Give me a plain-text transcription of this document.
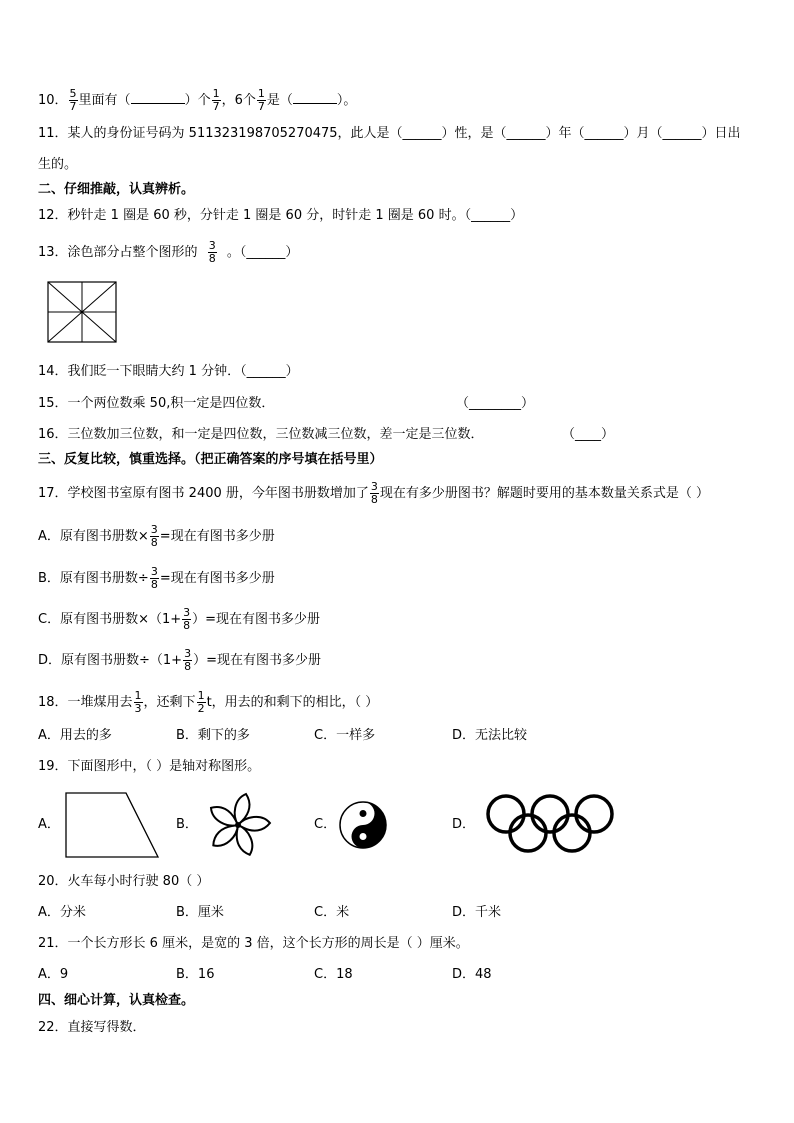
10． $\frac{5}{7}$ 里面有（	）个 $\frac{1}{7}$ ，6个 $\frac{1}{7}$ 是（	）。
11．某人的身份证号码为 511323198705270475，此人是（______）性，是（______）年（______）月（______）日出
生的。
二、仔细推敲，认真辨析。
12．秒针走 1 圈是 60 秒，分针走 1 圈是 60 分，时针走 1 圈是 60 时。（______）
13．涂色部分占整个图形的 $\frac{3}{8}$ 。（______）
14．我们眨一下眼睛大约 1 分钟．（______）
15．一个两位数乘 50,积一定是四位数．	（________）
16．三位数加三位数，和一定是四位数，三位数减三位数，差一定是三位数．	（____）
三、反复比较，慎重选择。（把正确答案的序号填在括号里）
17．学校图书室原有图书 2400 册，今年图书册数增加了 $\frac{3}{8}$ 现在有多少册图书？解题时要用的基本数量关系式是（ ）
A．原有图书册数× $\frac{3}{8}$ =现在有图书多少册
B．原有图书册数÷ $\frac{3}{8}$ =现在有图书多少册
C．原有图书册数$\times(1+ \frac{3}{8}$ ）=现在有图书多少册
D．原有图书册数$\div(1+ \frac{3}{8}$ ）=现在有图书多少册
18．一堆煤用去 $\frac{1}{3}$ ，还剩下 $\frac{1}{2}$ t，用去的和剩下的相比，（ ）
A．用去的多	B．剩下的多	C．一样多	D．无法比较
19．下面图形中，（ ）是轴对称图形。
A．	B．	C．	D．
20．火车每小时行驶 80（ ）
A．分米	B．厘米	C．米	D．千米
21．一个长方形长 6 厘米，是宽的 3 倍，这个长方形的周长是（ ）厘米。
A．9	B．16	C．18	D．48
四、细心计算，认真检查。
22．直接写得数．
